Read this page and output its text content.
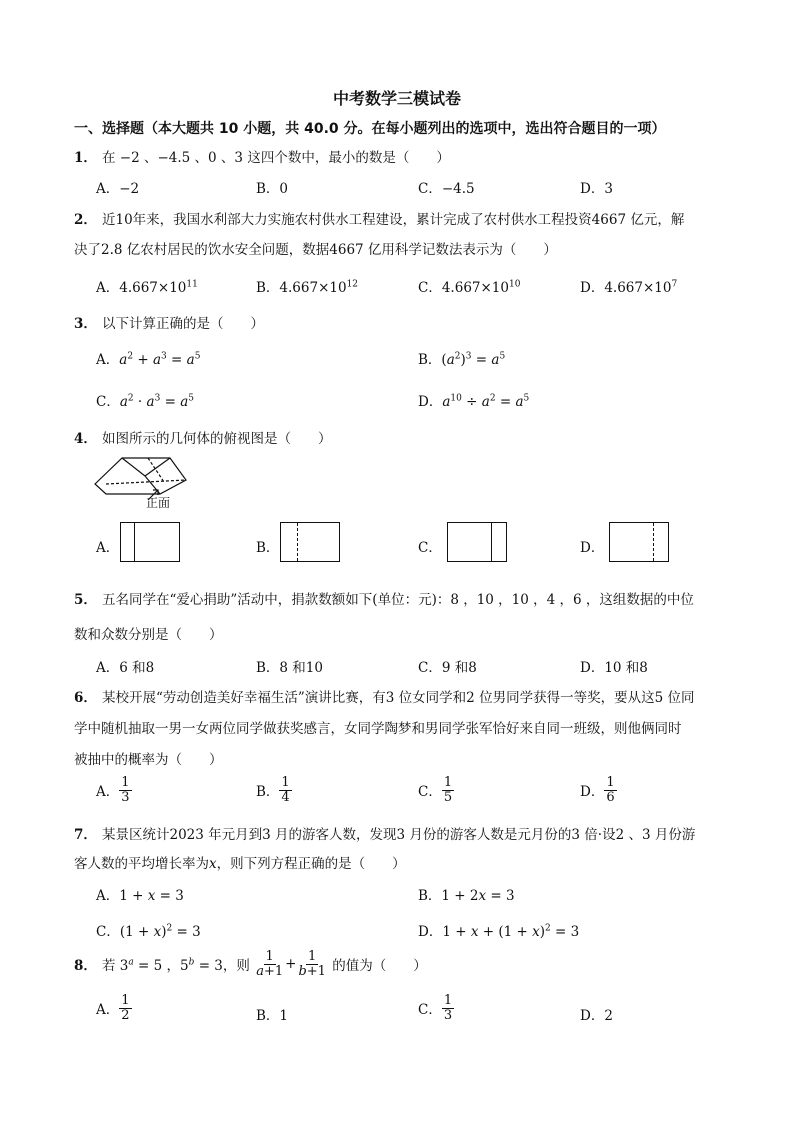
中考数学三模试卷
一、选择题（本大题共 10 小题，共 40.0 分。在每小题列出的选项中，选出符合题目的一项）
1． 在 −2 、−4.5 、0 、3 这四个数中，最小的数是（　　）
A．−2	B．0	C．−4.5	D．3
2． 近10年来，我国水利部大力实施农村供水工程建设，累计完成了农村供水工程投资4667 亿元，解
决了2.8 亿农村居民的饮水安全问题，数据4667 亿用科学记数法表示为（　　）
A．$4.667\times 10^{11}$	B．$4.667\times 10^{12}$	C．$4.667\times 10^{10}$	D．$4.667\times 10^7$
3． 以下计算正确的是（　　）
A．$a^2 + a^3 = a^5$	B．$(a^2)^3 = a^5$
C．$a^2 \cdot a^3 = a^5$	D．$a^{10} \div a^2 = a^5$
4． 如图所示的几何体的俯视图是（　　）
正面
A．	B．	C．	D．
5． 五名同学在“爱心捐助”活动中，捐款数额如下(单位：元)：8 ，10 ，10 ，4 ，6 ，这组数据的中位
数和众数分别是（　　）
A．6 和8	B．8 和10	C．9 和8	D．10 和8
6． 某校开展“劳动创造美好幸福生活”演讲比赛，有3 位女同学和2 位男同学获得一等奖，要从这5 位同
学中随机抽取一男一女两位同学做获奖感言，女同学陶梦和男同学张军恰好来自同一班级，则他俩同时
被抽中的概率为（　　）
A． $\frac{1}{3}$	B． $\frac{1}{4}$	C． $\frac{1}{5}$	D． $\frac{1}{6}$
7． 某景区统计2023 年元月到3 月的游客人数，发现3 月份的游客人数是元月份的3 倍·设2 、3 月份游
客人数的平均增长率为x，则下列方程正确的是（　　）
A．1 + x = 3	B．1 + 2x = 3
C．$(1 + x)^2 = 3$	D．$1 + x + (1 + x)^2 = 3$
8． 若 $3^a = 5$ ，$5^b = 3$，则 $\frac{1}{a+1} + \frac{1}{b+1}$ 的值为（　　）
A． $\frac{1}{2}$	B．1	C． $\frac{1}{3}$	D．2
